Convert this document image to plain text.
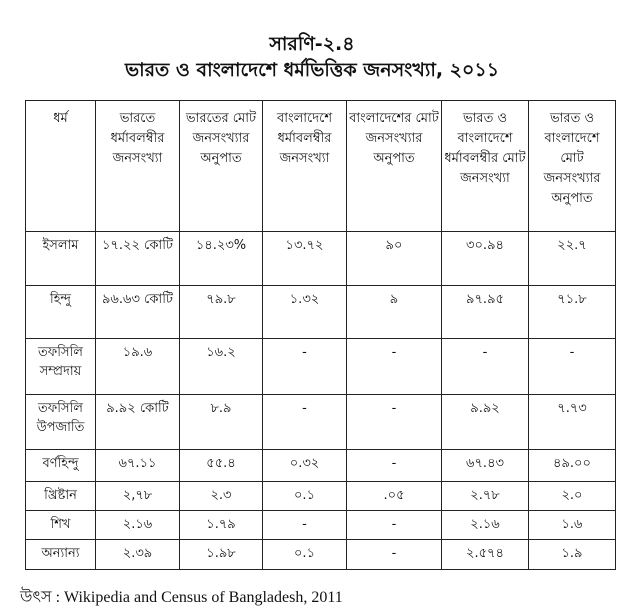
সারণি-২.৪
ভারত ও বাংলাদেশে ধর্মভিত্তিক জনসংখ্যা, ২০১১
ধর্ম	ভারতে ধর্মাবলম্বীর জনসংখ্যা	ভারতের মোট জনসংখ্যার অনুপাত	বাংলাদেশে ধর্মাবলম্বীর জনসংখ্যা	বাংলাদেশের মোট জনসংখ্যার অনুপাত	ভারত ও বাংলাদেশে ধর্মাবলম্বীর মোট জনসংখ্যা	ভারত ও বাংলাদেশে মোট জনসংখ্যার অনুপাত
ইসলাম	১৭.২২ কোটি	১৪.২৩%	১৩.৭২	৯০	৩০.৯৪	২২.৭
হিন্দু	৯৬.৬৩ কোটি	৭৯.৮	১.৩২	৯	৯৭.৯৫	৭১.৮
তফসিলি সম্প্রদায়	১৯.৬	১৬.২	-	-	-	-
তফসিলি উপজাতি	৯.৯২ কোটি	৮.৯	-	-	৯.৯২	৭.৭৩
বর্ণহিন্দু	৬৭.১১	৫৫.৪	০.৩২	-	৬৭.৪৩	৪৯.০০
খ্রিষ্টান	২,৭৮	২.৩	০.১	.০৫	২.৭৮	২.০
শিখ	২.১৬	১.৭৯	-	-	২.১৬	১.৬
অন্যান্য	২.৩৯	১.৯৮	০.১	-	২.৫৭৪	১.৯
উৎস : Wikipedia and Census of Bangladesh, 2011
